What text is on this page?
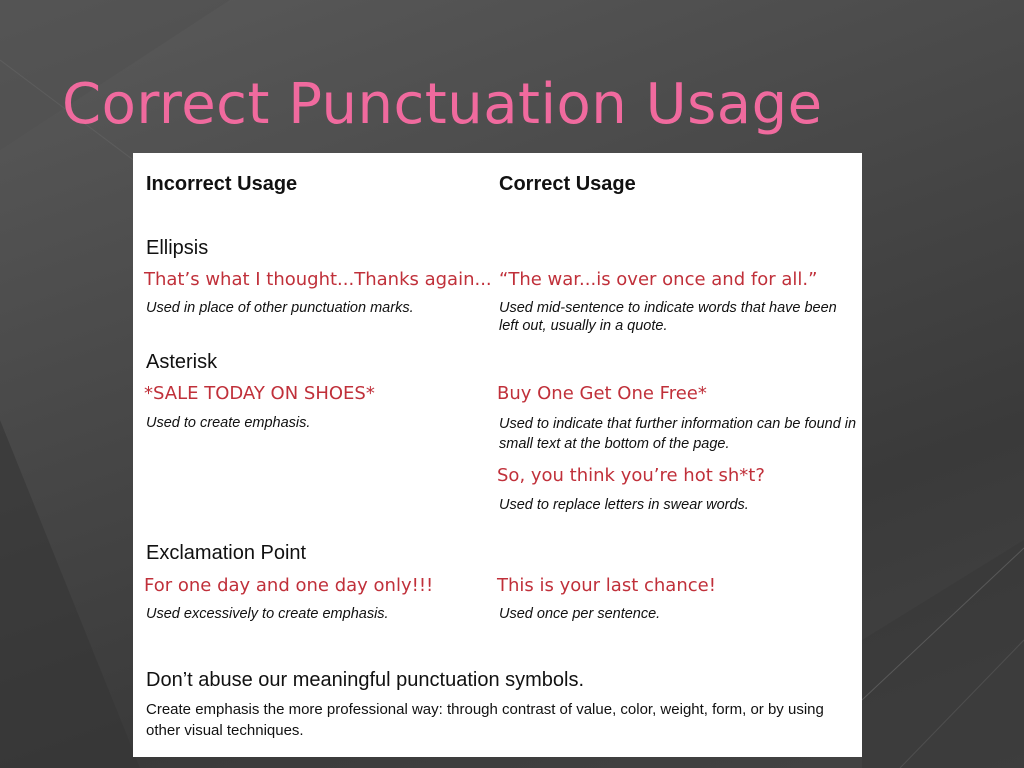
Correct Punctuation Usage
Incorrect Usage	Correct Usage
Ellipsis
That’s what I thought...Thanks again...
Used in place of other punctuation marks.
“The war...is over once and for all.”
Used mid-sentence to indicate words that have been left out, usually in a quote.
Asterisk
*SALE TODAY ON SHOES*
Used to create emphasis.
Buy One Get One Free*
Used to indicate that further information can be found in small text at the bottom of the page.
So, you think you’re hot sh*t?
Used to replace letters in swear words.
Exclamation Point
For one day and one day only!!!
Used excessively to create emphasis.
This is your last chance!
Used once per sentence.
Don’t abuse our meaningful punctuation symbols.
Create emphasis the more professional way: through contrast of value, color, weight, form, or by using other visual techniques.
